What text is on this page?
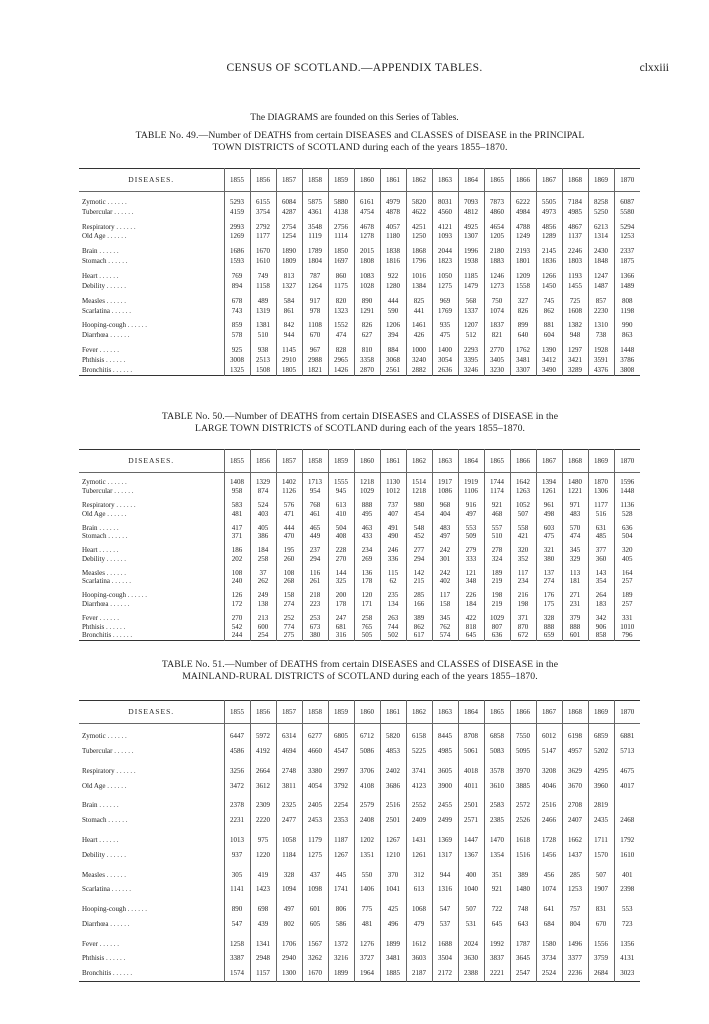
CENSUS OF SCOTLAND.—APPENDIX TABLES.	clxxiii
The DIAGRAMS are founded on this Series of Tables.
TABLE No. 49.—Number of DEATHS from certain DISEASES and CLASSES of DISEASE in the PRINCIPAL
TOWN DISTRICTS of SCOTLAND during each of the years 1855–1870.
DISEASES.	1855	1856	1857	1858	1859	1860	1861	1862	1863	1864	1865	1866	1867	1868	1869	1870

Zymotic . . . . . .	5293	6155	6084	5875	5880	6161	4979	5820	8031	7093	7873	6222	5505	7184	8258	6087
Tubercular . . . . . .	4159	3754	4287	4361	4138	4754	4878	4622	4560	4812	4860	4984	4973	4985	5250	5580

Respiratory . . . . . .	2993	2792	2754	3548	2756	4678	4057	4251	4121	4925	4654	4788	4856	4867	6213	5294
Old Age . . . . . .	1269	1177	1254	1119	1114	1278	1180	1250	1093	1307	1205	1249	1289	1137	1314	1253

Brain . . . . . .	1686	1670	1890	1789	1850	2015	1838	1868	2044	1996	2180	2193	2145	2246	2430	2337
Stomach . . . . . .	1593	1610	1809	1804	1697	1808	1816	1796	1823	1938	1883	1801	1836	1803	1848	1875

Heart . . . . . .	769	749	813	787	860	1083	922	1016	1050	1185	1246	1209	1266	1193	1247	1366
Debility . . . . . .	894	1158	1327	1264	1175	1028	1280	1384	1275	1479	1273	1558	1450	1455	1487	1489

Measles . . . . . .	678	489	584	917	820	890	444	825	969	568	750	327	745	725	857	808
Scarlatina . . . . . .	743	1319	861	978	1323	1291	590	441	1769	1337	1074	826	862	1608	2230	1198

Hooping-cough . . . . . .	859	1381	842	1108	1552	826	1206	1461	935	1207	1837	899	881	1382	1310	990
Diarrhœa . . . . . .	578	510	944	670	474	627	394	426	475	512	821	640	604	948	738	863

Fever . . . . . .	925	938	1145	967	828	810	884	1000	1400	2293	2770	1762	1390	1297	1928	1448
Phthisis . . . . . .	3008	2513	2910	2988	2965	3358	3068	3240	3054	3395	3405	3481	3412	3421	3591	3786
Bronchitis . . . . . .	1325	1508	1805	1821	1426	2870	2561	2882	2636	3246	3230	3307	3490	3289	4376	3808
TABLE No. 50.—Number of DEATHS from certain DISEASES and CLASSES of DISEASE in the
LARGE TOWN DISTRICTS of SCOTLAND during each of the years 1855–1870.
DISEASES.	1855	1856	1857	1858	1859	1860	1861	1862	1863	1864	1865	1866	1867	1868	1869	1870

Zymotic . . . . . .	1408	1329	1402	1713	1555	1218	1130	1514	1917	1919	1744	1642	1394	1480	1870	1596
Tubercular . . . . . .	958	874	1126	954	945	1029	1012	1218	1086	1106	1174	1263	1261	1221	1306	1448

Respiratory . . . . . .	583	524	576	768	613	888	737	980	968	916	921	1052	961	971	1177	1136
Old Age . . . . . .	481	403	471	461	410	495	407	454	404	497	468	507	498	483	516	528

Brain . . . . . .	417	405	444	465	504	463	491	548	483	553	557	558	603	570	631	636
Stomach . . . . . .	371	386	470	449	408	433	490	452	497	509	510	421	475	474	485	504

Heart . . . . . .	186	184	195	237	228	234	246	277	242	279	278	320	321	345	377	320
Debility . . . . . .	202	258	260	294	270	269	336	294	301	333	324	352	380	329	360	405

Measles . . . . . .	108	37	108	116	144	136	115	142	242	121	189	117	137	113	143	164
Scarlatina . . . . . .	240	262	268	261	325	178	62	215	402	348	219	234	274	181	354	257

Hooping-cough . . . . . .	126	249	158	218	200	120	235	285	117	226	198	216	176	271	264	189
Diarrhœa . . . . . .	172	138	274	223	178	171	134	166	158	184	219	198	175	231	183	257

Fever . . . . . .	270	213	252	253	247	258	263	389	345	422	1029	371	328	379	342	331
Phthisis . . . . . .	542	600	774	673	681	765	744	862	762	818	807	870	888	888	906	1010
Bronchitis . . . . . .	244	254	275	380	316	505	502	617	574	645	636	672	659	601	858	796
TABLE No. 51.—Number of DEATHS from certain DISEASES and CLASSES of DISEASE in the
MAINLAND-RURAL DISTRICTS of SCOTLAND during each of the years 1855–1870.
DISEASES.	1855	1856	1857	1858	1859	1860	1861	1862	1863	1864	1865	1866	1867	1868	1869	1870

Zymotic . . . . . .	6447	5972	6314	6277	6805	6712	5820	6158	8445	8708	6858	7550	6012	6198	6859	6881
Tubercular . . . . . .	4586	4192	4694	4660	4547	5086	4853	5225	4985	5061	5083	5095	5147	4957	5202	5713

Respiratory . . . . . .	3256	2664	2748	3380	2997	3706	2402	3741	3605	4018	3578	3970	3208	3629	4295	4675
Old Age . . . . . .	3472	3612	3811	4054	3792	4108	3686	4123	3900	4011	3610	3885	4046	3670	3960	4017

Brain . . . . . .	2378	2309	2325	2405	2254	2579	2516	2552	2455	2501	2583	2572	2516	2708	2819	
Stomach . . . . . .	2231	2220	2477	2453	2353	2408	2501	2409	2499	2571	2385	2526	2466	2407	2435	2468

Heart . . . . . .	1013	975	1058	1179	1187	1202	1267	1431	1369	1447	1470	1618	1728	1662	1711	1792
Debility . . . . . .	937	1220	1184	1275	1267	1351	1210	1261	1317	1367	1354	1516	1456	1437	1570	1610

Measles . . . . . .	305	419	328	437	445	550	370	312	944	400	351	389	456	285	507	401
Scarlatina . . . . . .	1141	1423	1094	1098	1741	1406	1041	613	1316	1040	921	1480	1074	1253	1907	2398

Hooping-cough . . . . . .	890	698	497	601	806	775	425	1068	547	507	722	748	641	757	831	553
Diarrhœa . . . . . .	547	439	802	605	586	481	496	479	537	531	645	643	684	804	670	723

Fever . . . . . .	1258	1341	1706	1567	1372	1276	1899	1612	1688	2024	1992	1787	1580	1496	1556	1356
Phthisis . . . . . .	3387	2948	2940	3262	3216	3727	3481	3603	3504	3630	3837	3645	3734	3377	3759	4131
Bronchitis . . . . . .	1574	1157	1300	1670	1899	1964	1885	2187	2172	2388	2221	2547	2524	2236	2684	3023
